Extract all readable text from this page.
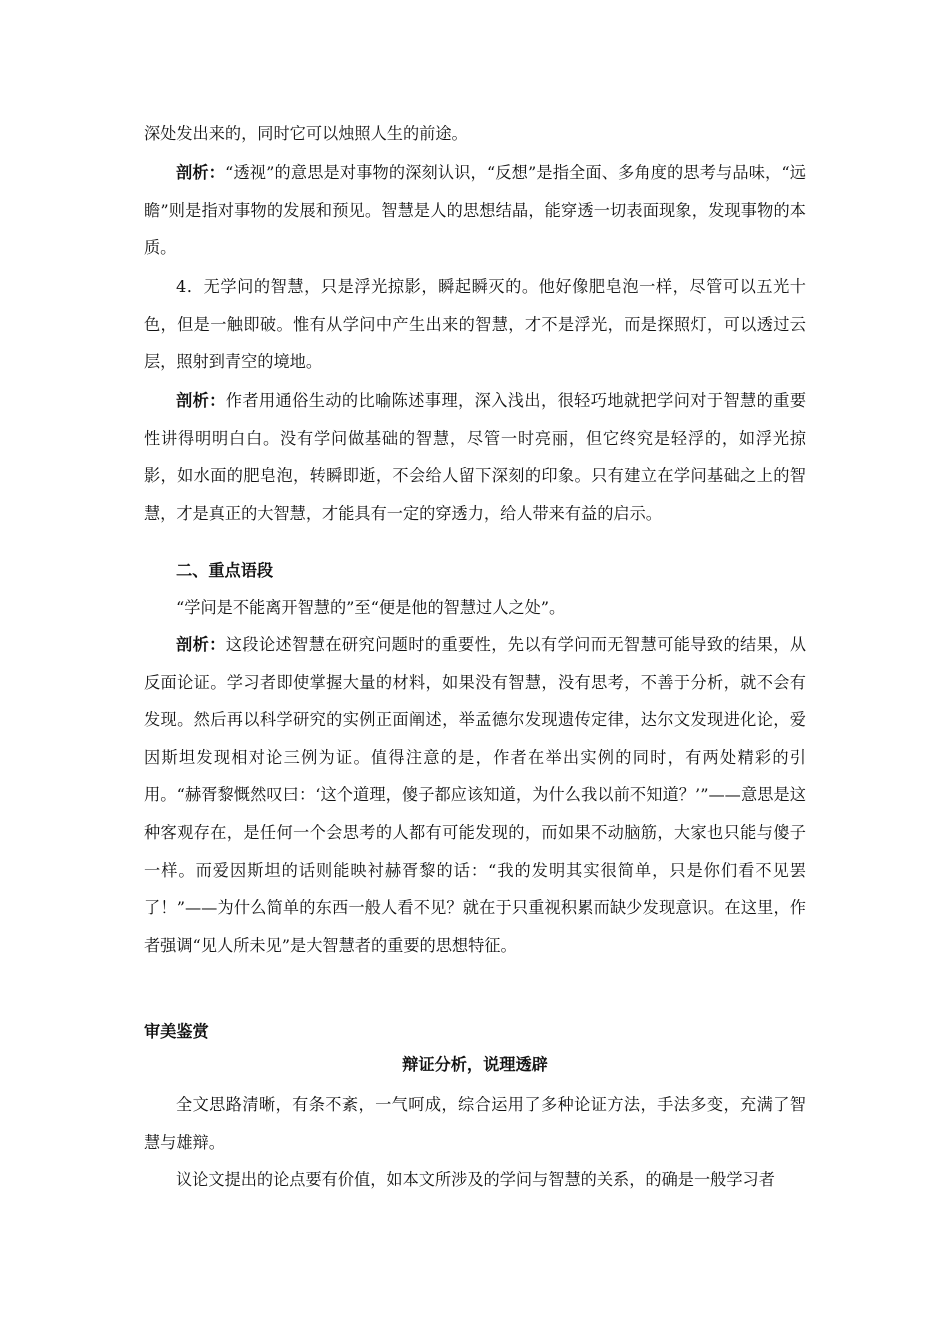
深处发出来的，同时它可以烛照人生的前途。

剖析：“透视”的意思是对事物的深刻认识，“反想”是指全面、多角度的思考与品味，“远瞻”则是指对事物的发展和预见。智慧是人的思想结晶，能穿透一切表面现象，发现事物的本质。

4．无学问的智慧，只是浮光掠影，瞬起瞬灭的。他好像肥皂泡一样，尽管可以五光十色，但是一触即破。惟有从学问中产生出来的智慧，才不是浮光，而是探照灯，可以透过云层，照射到青空的境地。

剖析：作者用通俗生动的比喻陈述事理，深入浅出，很轻巧地就把学问对于智慧的重要性讲得明明白白。没有学问做基础的智慧，尽管一时亮丽，但它终究是轻浮的，如浮光掠影，如水面的肥皂泡，转瞬即逝，不会给人留下深刻的印象。只有建立在学问基础之上的智慧，才是真正的大智慧，才能具有一定的穿透力，给人带来有益的启示。

二、重点语段

“学问是不能离开智慧的”至“便是他的智慧过人之处”。

剖析：这段论述智慧在研究问题时的重要性，先以有学问而无智慧可能导致的结果，从反面论证。学习者即使掌握大量的材料，如果没有智慧，没有思考，不善于分析，就不会有发现。然后再以科学研究的实例正面阐述，举孟德尔发现遗传定律，达尔文发现进化论，爱因斯坦发现相对论三例为证。值得注意的是，作者在举出实例的同时，有两处精彩的引用。“赫胥黎慨然叹曰：‘这个道理，傻子都应该知道，为什么我以前不知道？’”——意思是这种客观存在，是任何一个会思考的人都有可能发现的，而如果不动脑筋，大家也只能与傻子一样。而爱因斯坦的话则能映衬赫胥黎的话：“我的发明其实很简单，只是你们看不见罢了！”——为什么简单的东西一般人看不见？就在于只重视积累而缺少发现意识。在这里，作者强调“见人所未见”是大智慧者的重要的思想特征。

审美鉴赏

辩证分析，说理透辟

全文思路清晰，有条不紊，一气呵成，综合运用了多种论证方法，手法多变，充满了智慧与雄辩。

议论文提出的论点要有价值，如本文所涉及的学问与智慧的关系，的确是一般学习者
